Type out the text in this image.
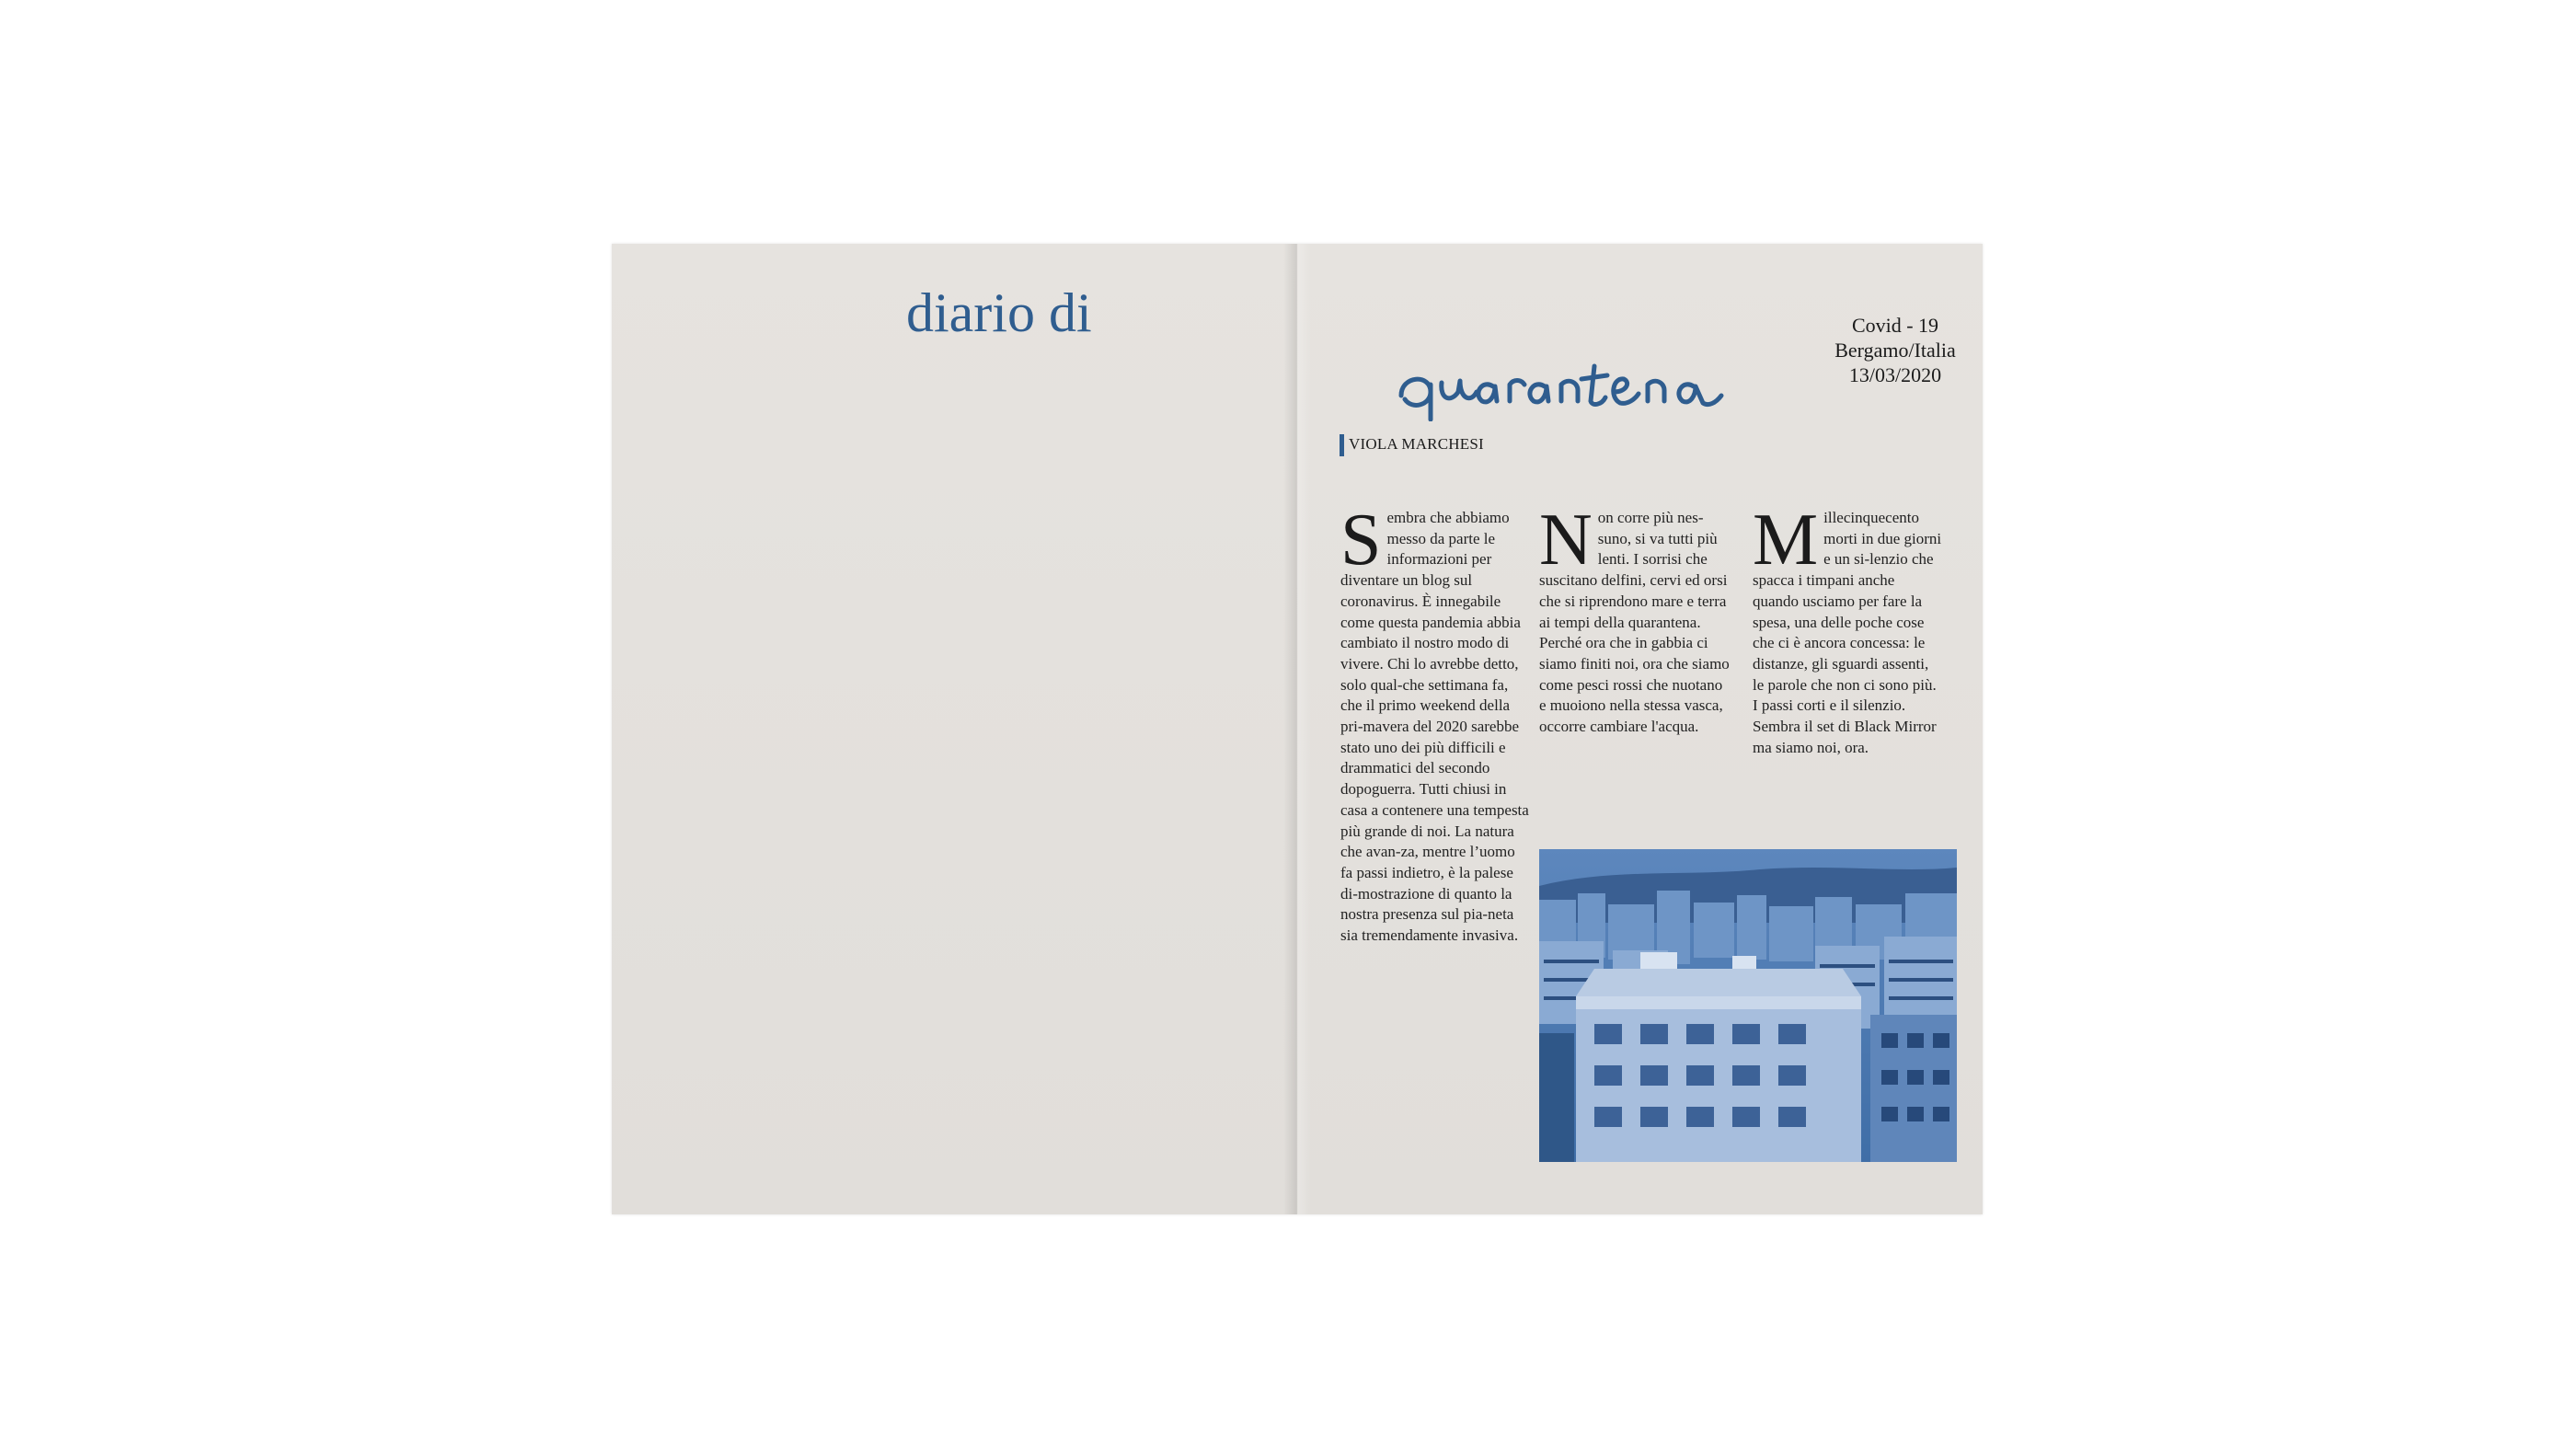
diario di	Covid - 19
Bergamo/Italia
13/03/2020
VIOLA MARCHESI
S embra che abbiamo messo da parte le informazioni per diventare un blog sul coronavirus. È innegabile come questa pandemia abbia cambiato il nostro modo di vivere. Chi lo avrebbe detto, solo qual-che settimana fa, che il primo weekend della pri-mavera del 2020 sarebbe stato uno dei più difficili e drammatici del secondo dopoguerra. Tutti chiusi in casa a contenere una tempesta più grande di noi. La natura che avan-za, mentre l’uomo fa passi indietro, è la palese di-mostrazione di quanto la nostra presenza sul pia-neta sia tremendamente invasiva.

N on corre più nes-suno, si va tutti più lenti. I sorrisi che suscitano delfini, cervi ed orsi che si riprendono mare e terra ai tempi della quarantena. Perché ora che in gabbia ci siamo finiti noi, ora che siamo come pesci rossi che nuotano e muoiono nella stessa vasca, occorre cambiare l'acqua.

M illecinquecento morti in due giorni e un si-lenzio che spacca i timpani anche quando usciamo per fare la spesa, una delle poche cose che ci è ancora concessa: le distanze, gli sguardi assenti, le parole che non ci sono più. I passi corti e il silenzio. Sembra il set di Black Mirror ma siamo noi, ora.
